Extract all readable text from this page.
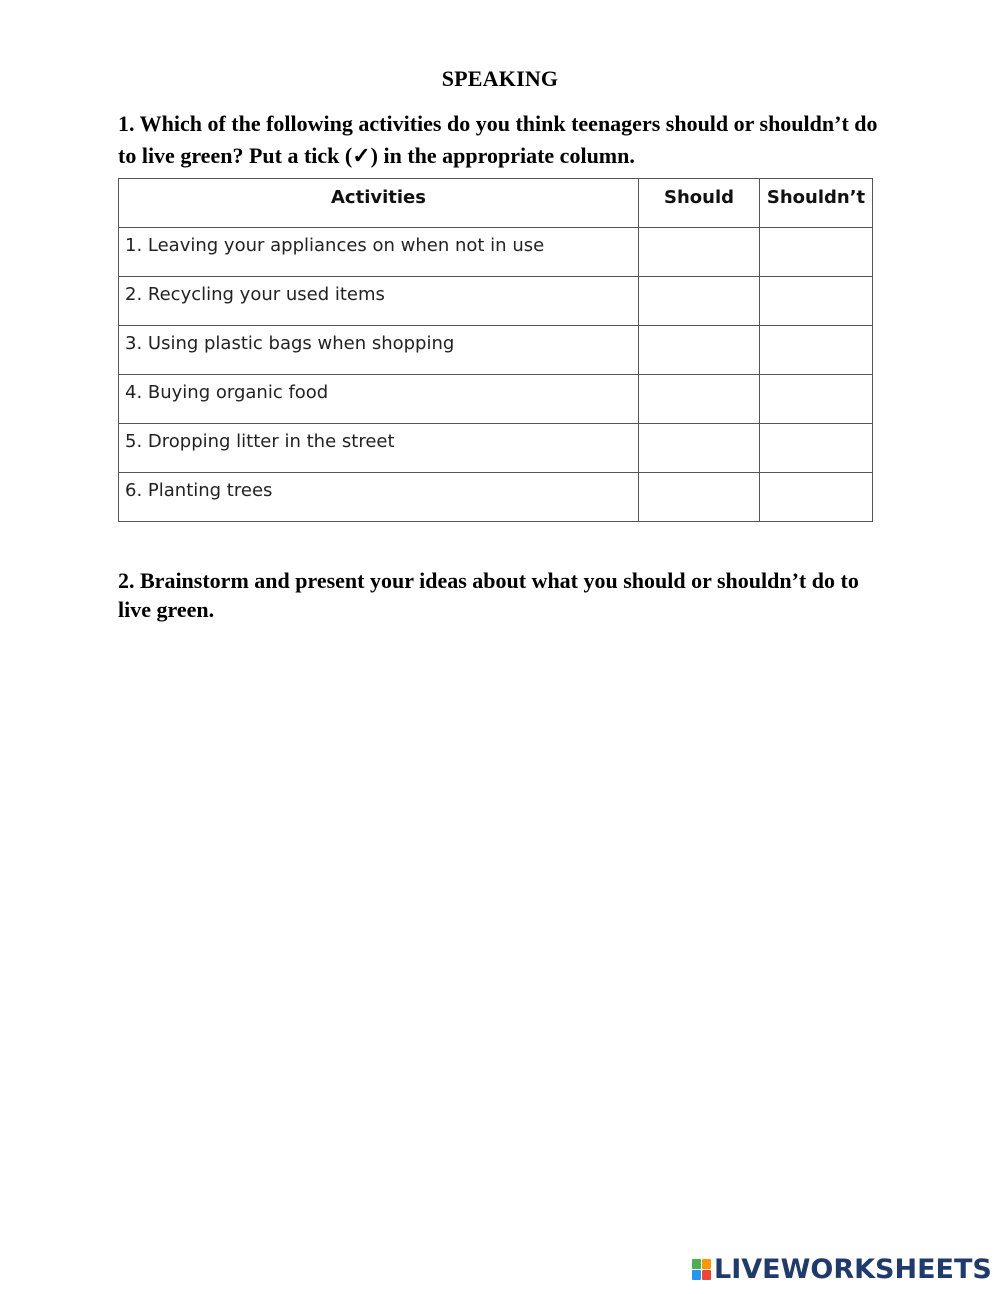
SPEAKING
1. Which of the following activities do you think teenagers should or shouldn’t do to live green? Put a tick (✓) in the appropriate column.
Activities	Should	Shouldn’t
1. Leaving your appliances on when not in use		
2. Recycling your used items		
3. Using plastic bags when shopping		
4. Buying organic food		
5. Dropping litter in the street		
6. Planting trees		
2. Brainstorm and present your ideas about what you should or shouldn’t do to live green.
LIVEWORKSHEETS
